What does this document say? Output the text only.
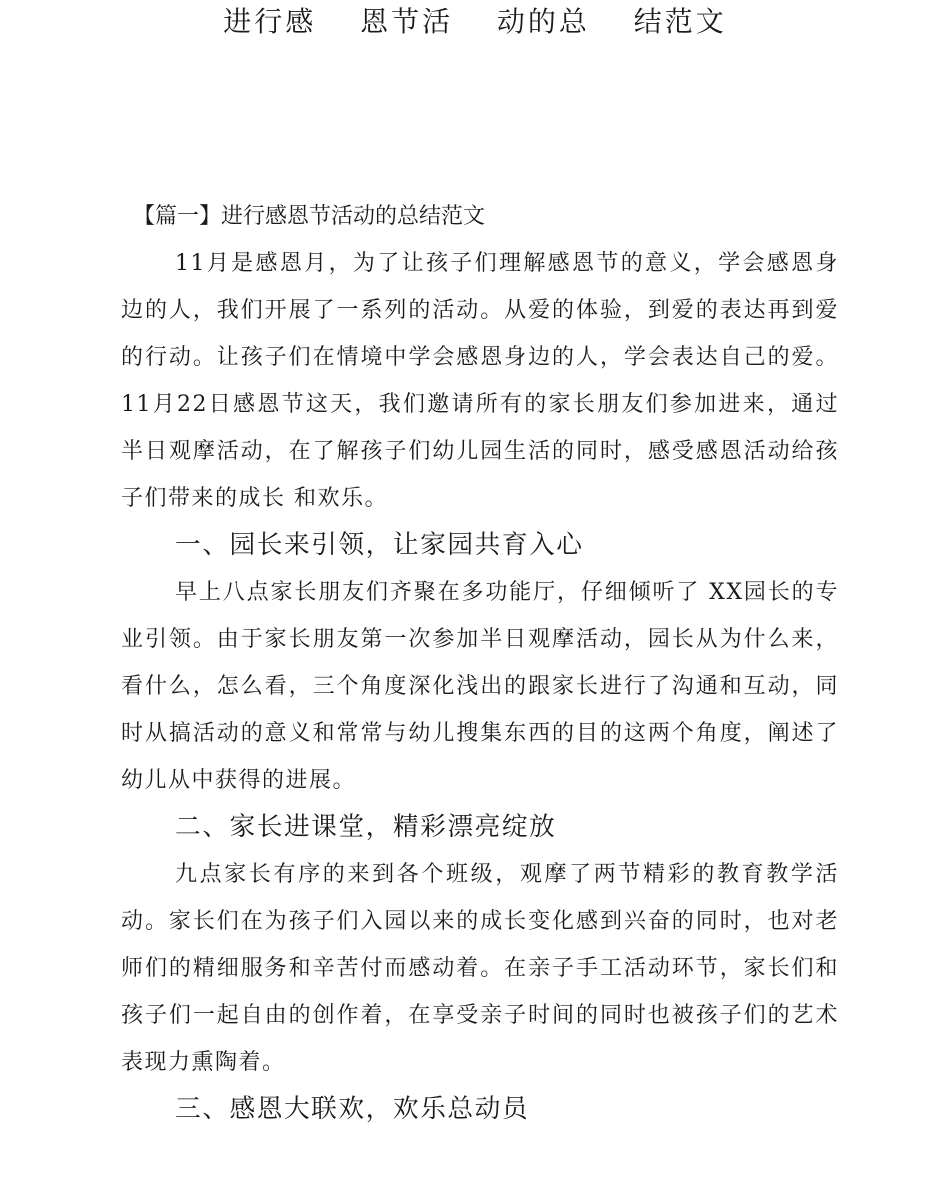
进行感  恩节活  动的总  结范文
【篇一】进行感恩节活动的总结范文

11月是感恩月，为了让孩子们理解感恩节的意义，学会感恩身边的人，我们开展了一系列的活动。从爱的体验，到爱的表达再到爱的行动。让孩子们在情境中学会感恩身边的人，学会表达自己的爱。11月22日感恩节这天，我们邀请所有的家长朋友们参加进来，通过半日观摩活动，在了解孩子们幼儿园生活的同时，感受感恩活动给孩子们带来的成长 和欢乐。

一、园长来引领，让家园共育入心

早上八点家长朋友们齐聚在多功能厅，仔细倾听了 XX园长的专业引领。由于家长朋友第一次参加半日观摩活动，园长从为什么来，看什么，怎么看，三个角度深化浅出的跟家长进行了沟通和互动，同时从搞活动的意义和常常与幼儿搜集东西的目的这两个角度，阐述了幼儿从中获得的进展。

二、家长进课堂，精彩漂亮绽放

九点家长有序的来到各个班级，观摩了两节精彩的教育教学活动。家长们在为孩子们入园以来的成长变化感到兴奋的同时，也对老师们的精细服务和辛苦付而感动着。在亲子手工活动环节，家长们和孩子们一起自由的创作着，在享受亲子时间的同时也被孩子们的艺术表现力熏陶着。

三、感恩大联欢，欢乐总动员
